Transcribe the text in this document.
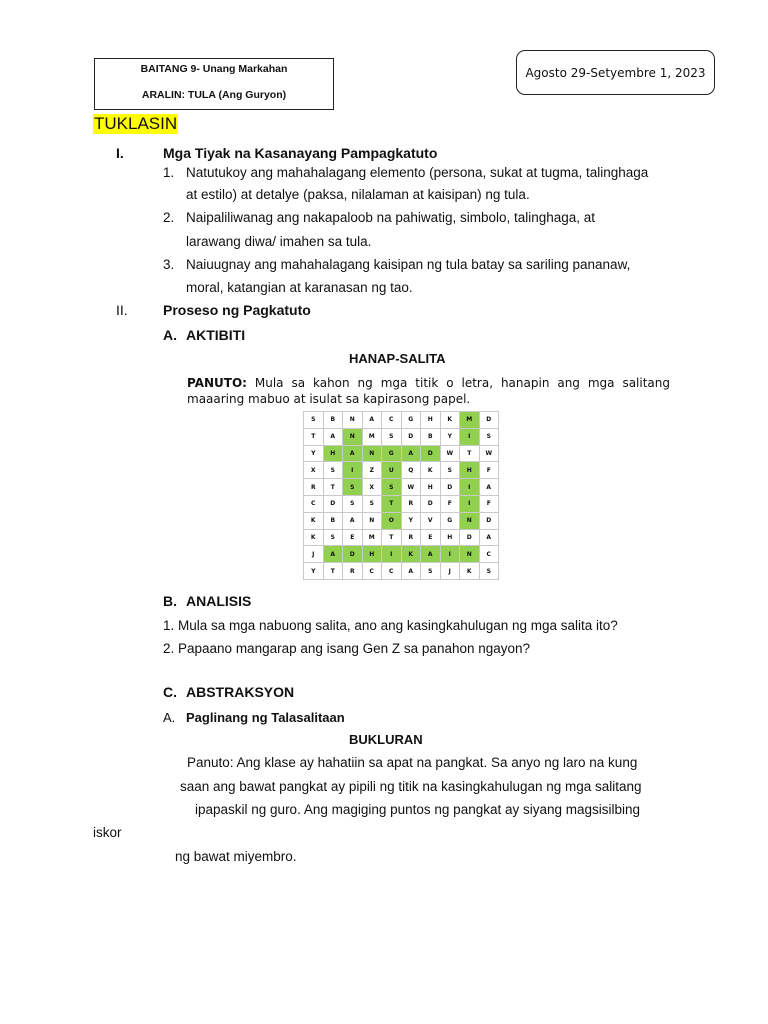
BAITANG 9- Unang Markahan
ARALIN: TULA (Ang Guryon)
Agosto 29-Setyembre 1, 2023
TUKLASIN
I.	Mga Tiyak na Kasanayang Pampagkatuto
1. Natutukoy ang mahahalagang elemento (persona, sukat at tugma, talinghaga
at estilo) at detalye (paksa, nilalaman at kaisipan) ng tula.
2. Naipaliliwanag ang nakapaloob na pahiwatig, simbolo, talinghaga, at
larawang diwa/ imahen sa tula.
3. Naiuugnay ang mahahalagang kaisipan ng tula batay sa sariling pananaw,
moral, katangian at karanasan ng tao.
II.	Proseso ng Pagkatuto
A. AKTIBITI
HANAP-SALITA
PANUTO: Mula sa kahon ng mga titik o letra, hanapin ang mga salitang maaaring mabuo at isulat sa kapirasong papel.
S	B	N	A	C	G	H	K	M	D
T	A	N	M	S	D	B	Y	I	S
Y	H	A	N	G	A	D	W	T	W
X	S	I	Z	U	Q	K	S	H	F
R	T	S	X	S	W	H	D	I	A
C	D	S	S	T	R	D	F	I	F
K	B	A	N	O	Y	V	G	N	D
K	S	E	M	T	R	E	H	D	A
J	A	D	H	I	K	A	I	N	C
Y	T	R	C	C	A	S	J	K	S
B. ANALISIS
1. Mula sa mga nabuong salita, ano ang kasingkahulugan ng mga salita ito?
2. Papaano mangarap ang isang Gen Z sa panahon ngayon?
C. ABSTRAKSYON
A. Paglinang ng Talasalitaan
BUKLURAN
Panuto: Ang klase ay hahatiin sa apat na pangkat. Sa anyo ng laro na kung
saan ang bawat pangkat ay pipili ng titik na kasingkahulugan ng mga salitang
ipapaskil ng guro. Ang magiging puntos ng pangkat ay siyang magsisilbing
iskor
ng bawat miyembro.
